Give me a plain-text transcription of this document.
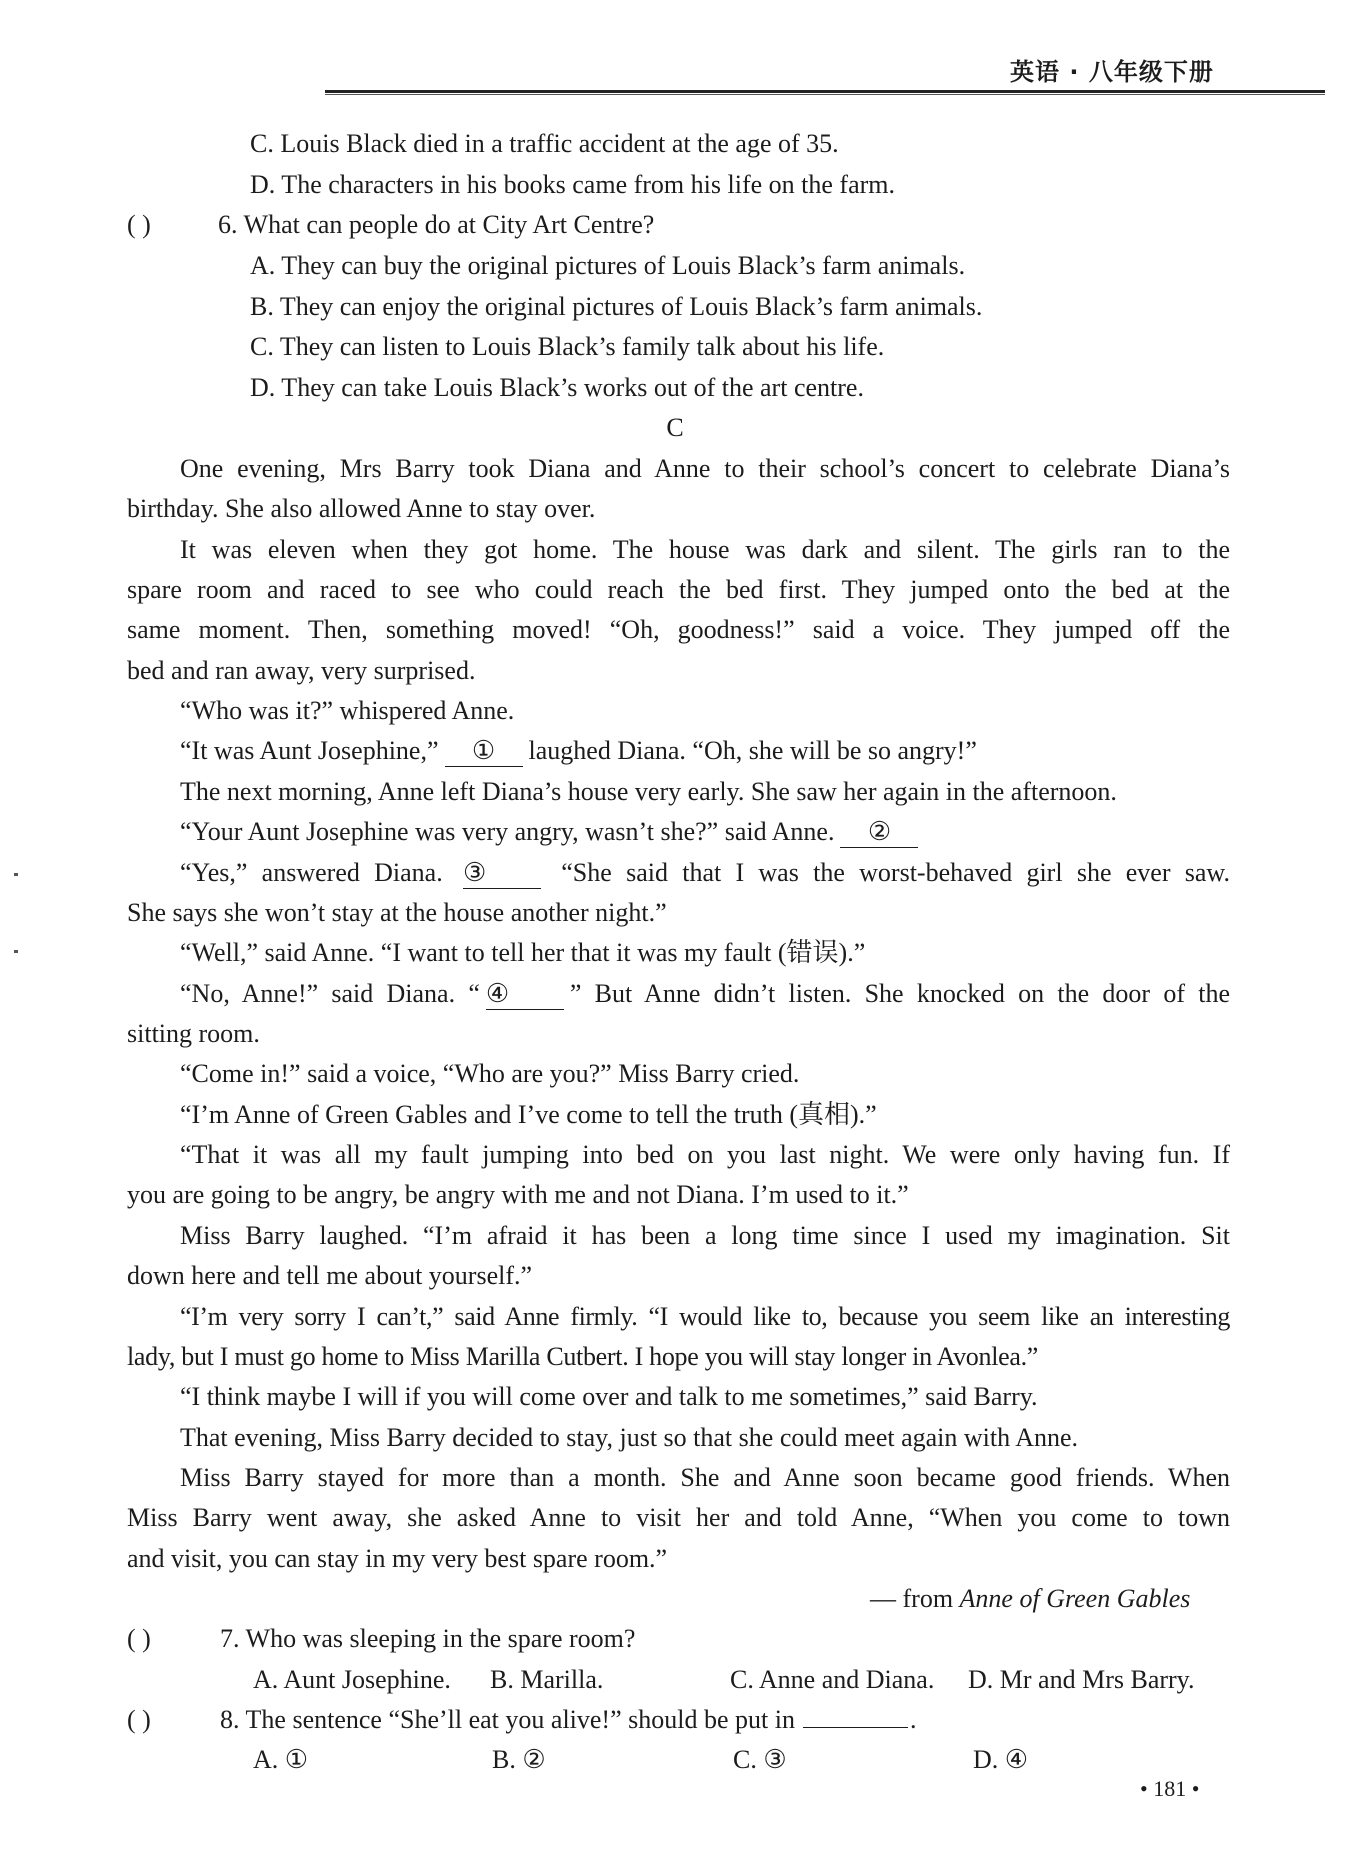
英语 · 八年级下册
C. Louis Black died in a traffic accident at the age of 35.
D. The characters in his books came from his life on the farm.
( )	6. What can people do at City Art Centre?
A. They can buy the original pictures of Louis Black’s farm animals.
B. They can enjoy the original pictures of Louis Black’s farm animals.
C. They can listen to Louis Black’s family talk about his life.
D. They can take Louis Black’s works out of the art centre.
C
One evening, Mrs Barry took Diana and Anne to their school’s concert to celebrate Diana’s
birthday. She also allowed Anne to stay over.
It was eleven when they got home. The house was dark and silent. The girls ran to the
spare room and raced to see who could reach the bed first. They jumped onto the bed at the
same moment. Then, something moved! “Oh, goodness!” said a voice. They jumped off the
bed and ran away, very surprised.
“Who was it?” whispered Anne.
“It was Aunt Josephine,” ① laughed Diana. “Oh, she will be so angry!”
The next morning, Anne left Diana’s house very early. She saw her again in the afternoon.
“Your Aunt Josephine was very angry, wasn’t she?” said Anne. ②
“Yes,” answered Diana. ③	“She said that I was the worst-behaved girl she ever saw.
She says she won’t stay at the house another night.”
“Well,” said Anne. “I want to tell her that it was my fault (错误).”
“No, Anne!” said Diana. “ ④ ” But Anne didn’t listen. She knocked on the door of the
sitting room.
“Come in!” said a voice, “Who are you?” Miss Barry cried.
“I’m Anne of Green Gables and I’ve come to tell the truth (真相).”
“That it was all my fault jumping into bed on you last night. We were only having fun. If
you are going to be angry, be angry with me and not Diana. I’m used to it.”
Miss Barry laughed. “I’m afraid it has been a long time since I used my imagination. Sit
down here and tell me about yourself.”
“I’m very sorry I can’t,” said Anne firmly. “I would like to, because you seem like an interesting
lady, but I must go home to Miss Marilla Cutbert. I hope you will stay longer in Avonlea.”
“I think maybe I will if you will come over and talk to me sometimes,” said Barry.
That evening, Miss Barry decided to stay, just so that she could meet again with Anne.
Miss Barry stayed for more than a month. She and Anne soon became good friends. When
Miss Barry went away, she asked Anne to visit her and told Anne, “When you come to town
and visit, you can stay in my very best spare room.”
— from Anne of Green Gables
( )	7. Who was sleeping in the spare room?
A. Aunt Josephine. B. Marilla.	C. Anne and Diana. D. Mr and Mrs Barry.
( )	8. The sentence “She’ll eat you alive!” should be put in	.
A. ①	B. ②	C. ③	D. ④
• 181 •
